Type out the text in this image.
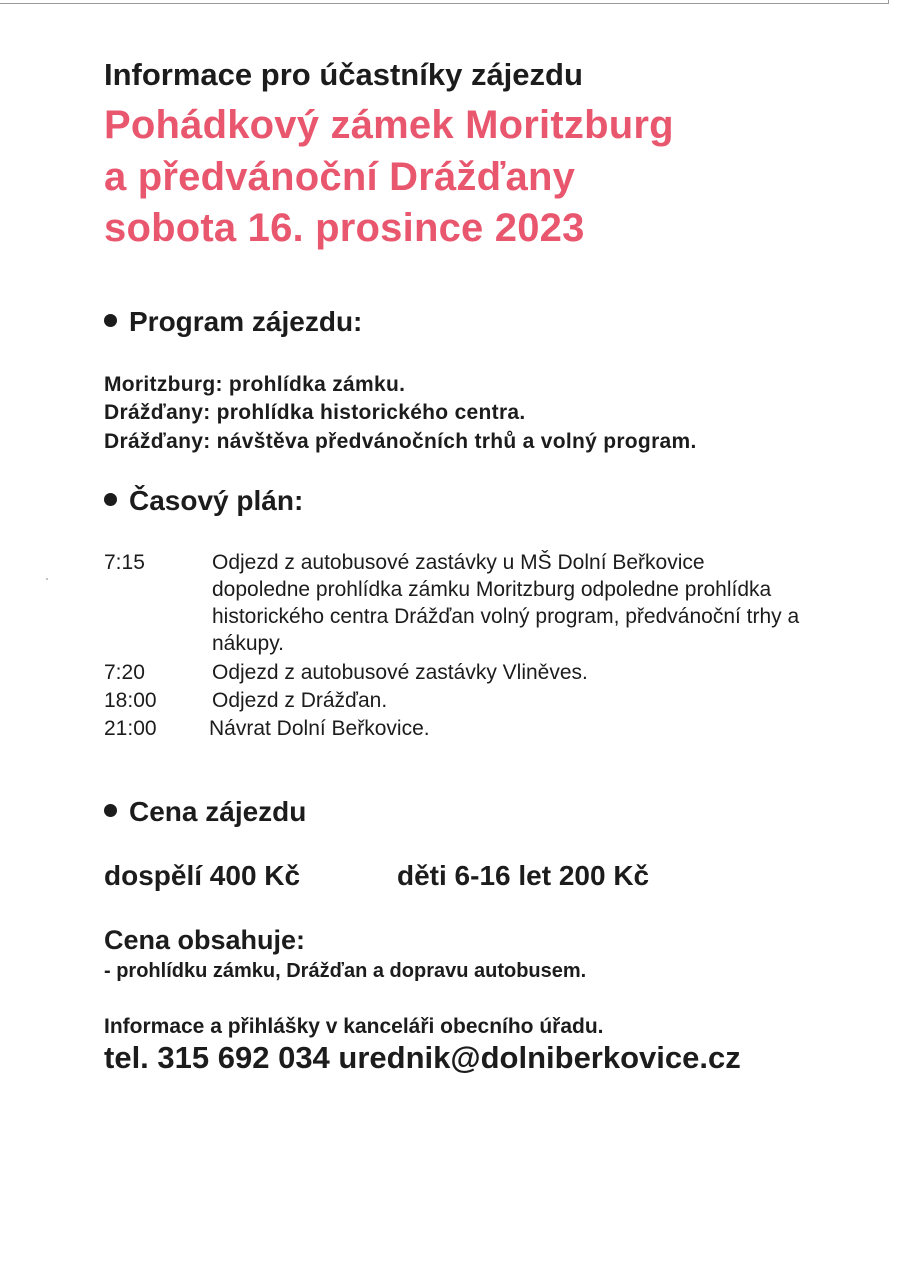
Informace pro účastníky zájezdu
Pohádkový zámek Moritzburg
a předvánoční Drážďany
sobota 16. prosince 2023
Program zájezdu:
Moritzburg: prohlídka zámku.
Drážďany: prohlídka historického centra.
Drážďany: návštěva předvánočních trhů a volný program.
Časový plán:
7:15	Odjezd z autobusové zastávky u MŠ Dolní Beřkovice dopoledne prohlídka zámku Moritzburg odpoledne prohlídka historického centra Drážďan volný program, předvánoční trhy a nákupy.
7:20	Odjezd z autobusové zastávky Vliněves.
18:00	Odjezd z Drážďan.
21:00	Návrat Dolní Beřkovice.
Cena zájezdu
dospělí 400 Kč	děti 6-16 let 200 Kč
Cena obsahuje:
- prohlídku zámku, Drážďan a dopravu autobusem.
Informace a přihlášky v kanceláři obecního úřadu.
tel. 315 692 034 urednik@dolniberkovice.cz
